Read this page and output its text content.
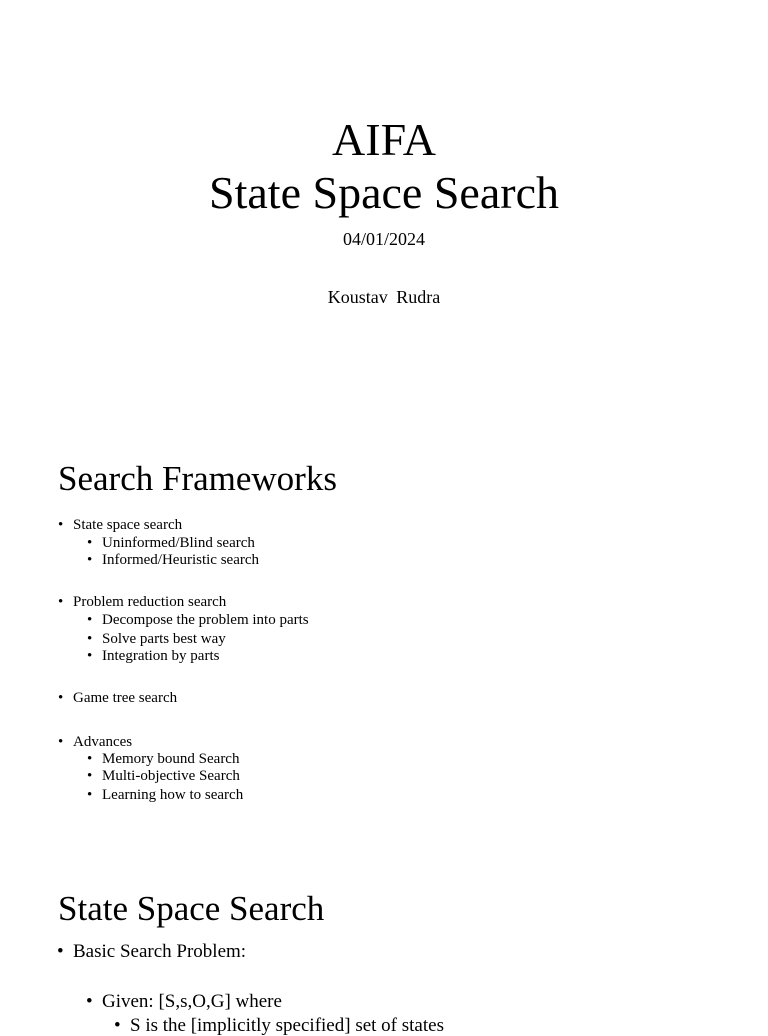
AIFA
State Space Search
04/01/2024
Koustav Rudra
Search Frameworks
• State space search
• Uninformed/Blind search
• Informed/Heuristic search
• Problem reduction search
• Decompose the problem into parts
• Solve parts best way
• Integration by parts
• Game tree search
• Advances
• Memory bound Search
• Multi-objective Search
• Learning how to search
State Space Search
• Basic Search Problem:
• Given: [S,s,O,G] where
• S is the [implicitly specified] set of states
